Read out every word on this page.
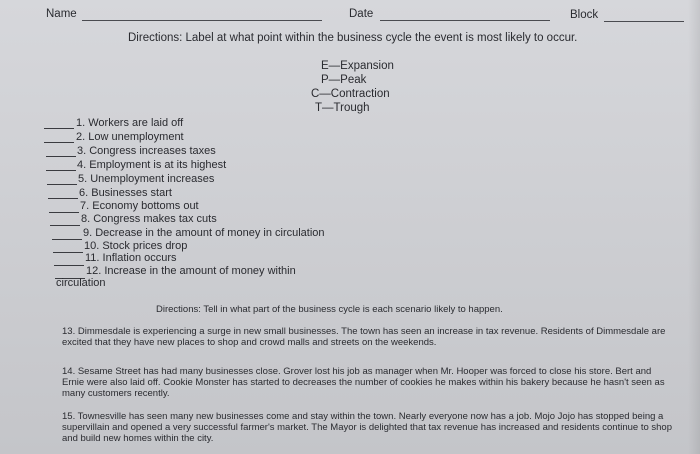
Name	Date	Block
Directions: Label at what point within the business cycle the event is most likely to occur.
E—Expansion
P—Peak
C—Contraction
T—Trough
1. Workers are laid off
2. Low unemployment
3. Congress increases taxes
4. Employment is at its highest
5. Unemployment increases
6. Businesses start
7. Economy bottoms out
8. Congress makes tax cuts
9. Decrease in the amount of money in circulation
10. Stock prices drop
11. Inflation occurs
12. Increase in the amount of money within
circulation
Directions: Tell in what part of the business cycle is each scenario likely to happen.
13. Dimmesdale is experiencing a surge in new small businesses. The town has seen an increase in tax revenue. Residents of Dimmesdale are excited that they have new places to shop and crowd malls and streets on the weekends.
14. Sesame Street has had many businesses close. Grover lost his job as manager when Mr. Hooper was forced to close his store. Bert and Ernie were also laid off. Cookie Monster has started to decreases the number of cookies he makes within his bakery because he hasn't seen as many customers recently.
15. Townesville has seen many new businesses come and stay within the town. Nearly everyone now has a job. Mojo Jojo has stopped being a supervillain and opened a very successful farmer's market. The Mayor is delighted that tax revenue has increased and residents continue to shop and build new homes within the city.
